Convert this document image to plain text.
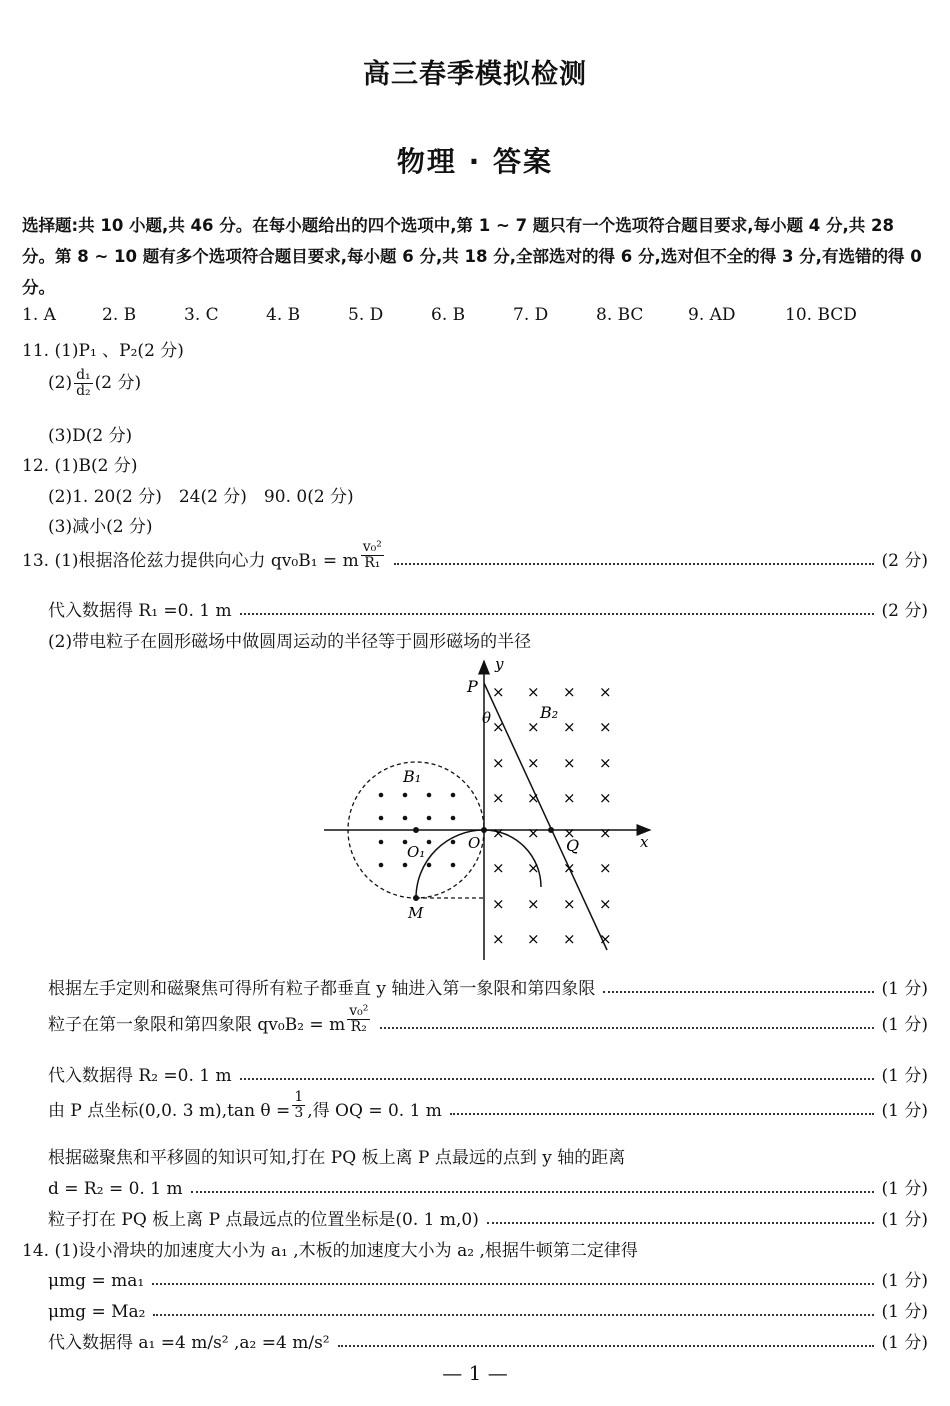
高三春季模拟检测
物理 · 答案
选择题:共 10 小题,共 46 分。在每小题给出的四个选项中,第 1 ~ 7 题只有一个选项符合题目要求,每小题 4 分,共 28 分。第 8 ~ 10 题有多个选项符合题目要求,每小题 6 分,共 18 分,全部选对的得 6 分,选对但不全的得 3 分,有选错的得 0 分。
1. A	2. B	3. C	4. B	5. D	6. B	7. D	8. BC	9. AD	10. BCD
11. (1)P₁ 、P₂(2 分)
$(2) \frac{\text{d₁}}{\text{d₂}} (2$ 分)
(3)D(2 分)
12. (1)B(2 分)
(2)1. 20(2 分)　24(2 分)　90. 0(2 分)
(3)减小(2 分)
13. (1)根据洛伦兹力提供向心力 qv₀B₁ = m $\frac{\text{v₀²}}{\text{R₁}}$	(2 分)
代入数据得 R₁ =0. 1 m	(2 分)
(2)带电粒子在圆形磁场中做圆周运动的半径等于圆形磁场的半径
× × × ×
× × × ×
× × × ×
× × × ×
× × × ×
× × × ×
× × × ×
× × × ×
y
x
P
θ	B₂
B₁
O₁	O	Q
M
根据左手定则和磁聚焦可得所有粒子都垂直 y 轴进入第一象限和第四象限	(1 分)
粒子在第一象限和第四象限 qv₀B₂ = m $\frac{\text{v₀²}}{\text{R₂}}$	(1 分)
代入数据得 R₂ =0. 1 m	(1 分)
由 P 点坐标(0,0. 3 m),tan $\theta = \frac{1}{3}$ ,得 OQ = 0. 1 m	(1 分)
根据磁聚焦和平移圆的知识可知,打在 PQ 板上离 P 点最远的点到 y 轴的距离
d = R₂ = 0. 1 m	(1 分)
粒子打在 PQ 板上离 P 点最远点的位置坐标是(0. 1 m,0)	(1 分)
14. (1)设小滑块的加速度大小为 a₁ ,木板的加速度大小为 a₂ ,根据牛顿第二定律得
μmg = ma₁	(1 分)
μmg = Ma₂	(1 分)
代入数据得 a₁ =4 m/s² ,a₂ =4 m/s²	(1 分)
— 1 —
